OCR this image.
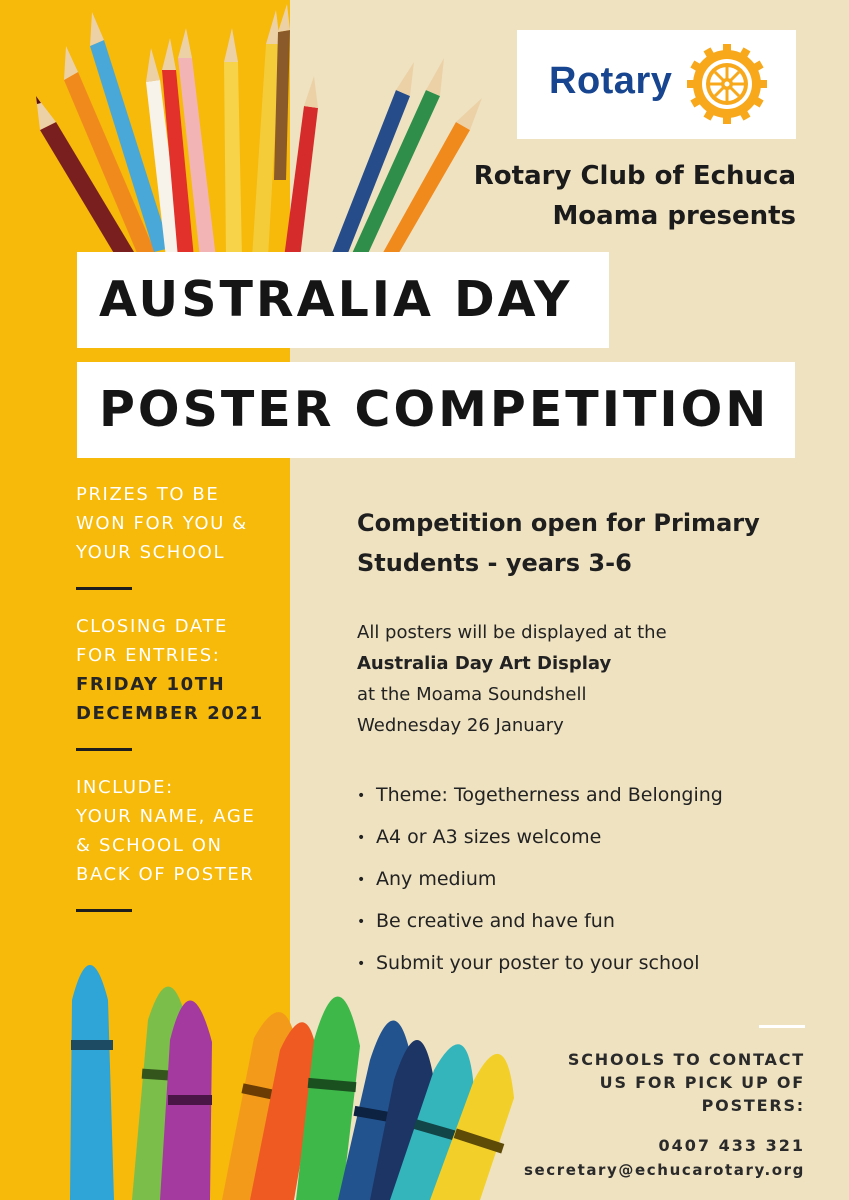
Rotary
Rotary Club of Echuca
Moama presents
AUSTRALIA DAY
POSTER COMPETITION
PRIZES TO BE
WON FOR YOU &
YOUR SCHOOL
CLOSING DATE
FOR ENTRIES:
FRIDAY 10TH
DECEMBER 2021
INCLUDE:
YOUR NAME, AGE
& SCHOOL ON
BACK OF POSTER
Competition open for Primary
Students - years 3-6
All posters will be displayed at the
Australia Day Art Display
at the Moama Soundshell
Wednesday 26 January
• Theme: Togetherness and Belonging
• A4 or A3 sizes welcome
• Any medium
• Be creative and have fun
• Submit your poster to your school
SCHOOLS TO CONTACT
US FOR PICK UP OF
POSTERS:
0407 433 321
secretary@echucarotary.org
